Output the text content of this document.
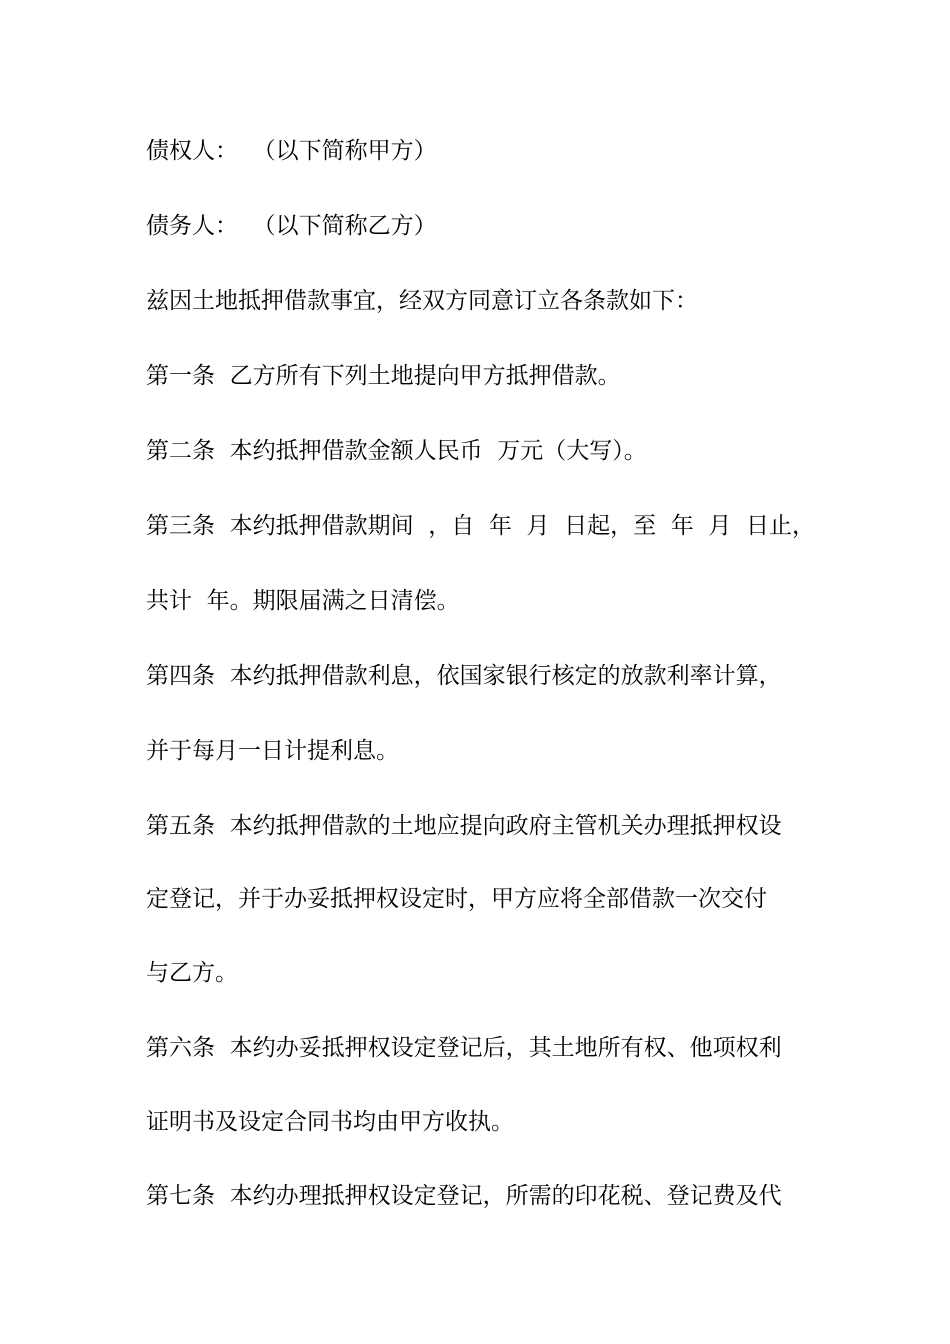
债权人：  （以下简称甲方）
债务人：  （以下简称乙方）
兹因土地抵押借款事宜，经双方同意订立各条款如下：
第一条  乙方所有下列土地提向甲方抵押借款。
第二条  本约抵押借款金额人民币  万元（大写）。
第三条  本约抵押借款期间  ，自  年  月  日起，至  年  月  日止，
共计  年。期限届满之日清偿。
第四条  本约抵押借款利息，依国家银行核定的放款利率计算，
并于每月一日计提利息。
第五条  本约抵押借款的土地应提向政府主管机关办理抵押权设
定登记，并于办妥抵押权设定时，甲方应将全部借款一次交付
与乙方。
第六条  本约办妥抵押权设定登记后，其土地所有权、他项权利
证明书及设定合同书均由甲方收执。
第七条  本约办理抵押权设定登记，所需的印花税、登记费及代
